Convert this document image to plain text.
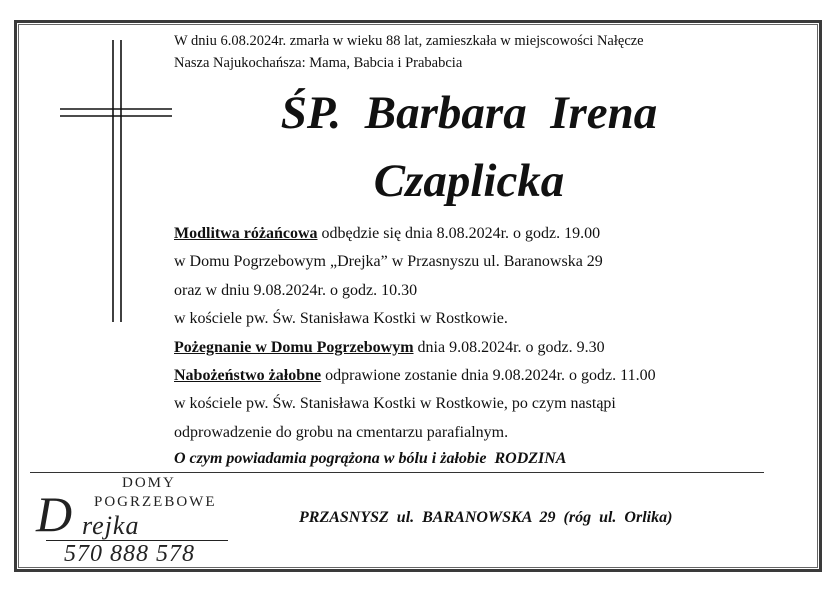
W dniu 6.08.2024r. zmarła w wieku 88 lat, zamieszkała w miejscowości Nałęcze
Nasza Najukochańsza: Mama, Babcia i Prababcia
ŚP.  Barbara  Irena
Czaplicka
Modlitwa różańcowa odbędzie się dnia 8.08.2024r. o godz. 19.00
w Domu Pogrzebowym „Drejka” w Przasnyszu ul. Baranowska 29
oraz w dniu 9.08.2024r. o godz. 10.30
w kościele pw. Św. Stanisława Kostki w Rostkowie.
Pożegnanie w Domu Pogrzebowym dnia 9.08.2024r. o godz. 9.30
Nabożeństwo żałobne odprawione zostanie dnia 9.08.2024r. o godz. 11.00
w kościele pw. Św. Stanisława Kostki w Rostkowie, po czym nastąpi
odprowadzenie do grobu na cmentarzu parafialnym.
O czym powiadamia pogrążona w bólu i żałobie  RODZINA
DOMY
POGRZEBOWE
D rejka
570 888 578
PRZASNYSZ  ul.  BARANOWSKA  29  (róg  ul.  Orlika)
